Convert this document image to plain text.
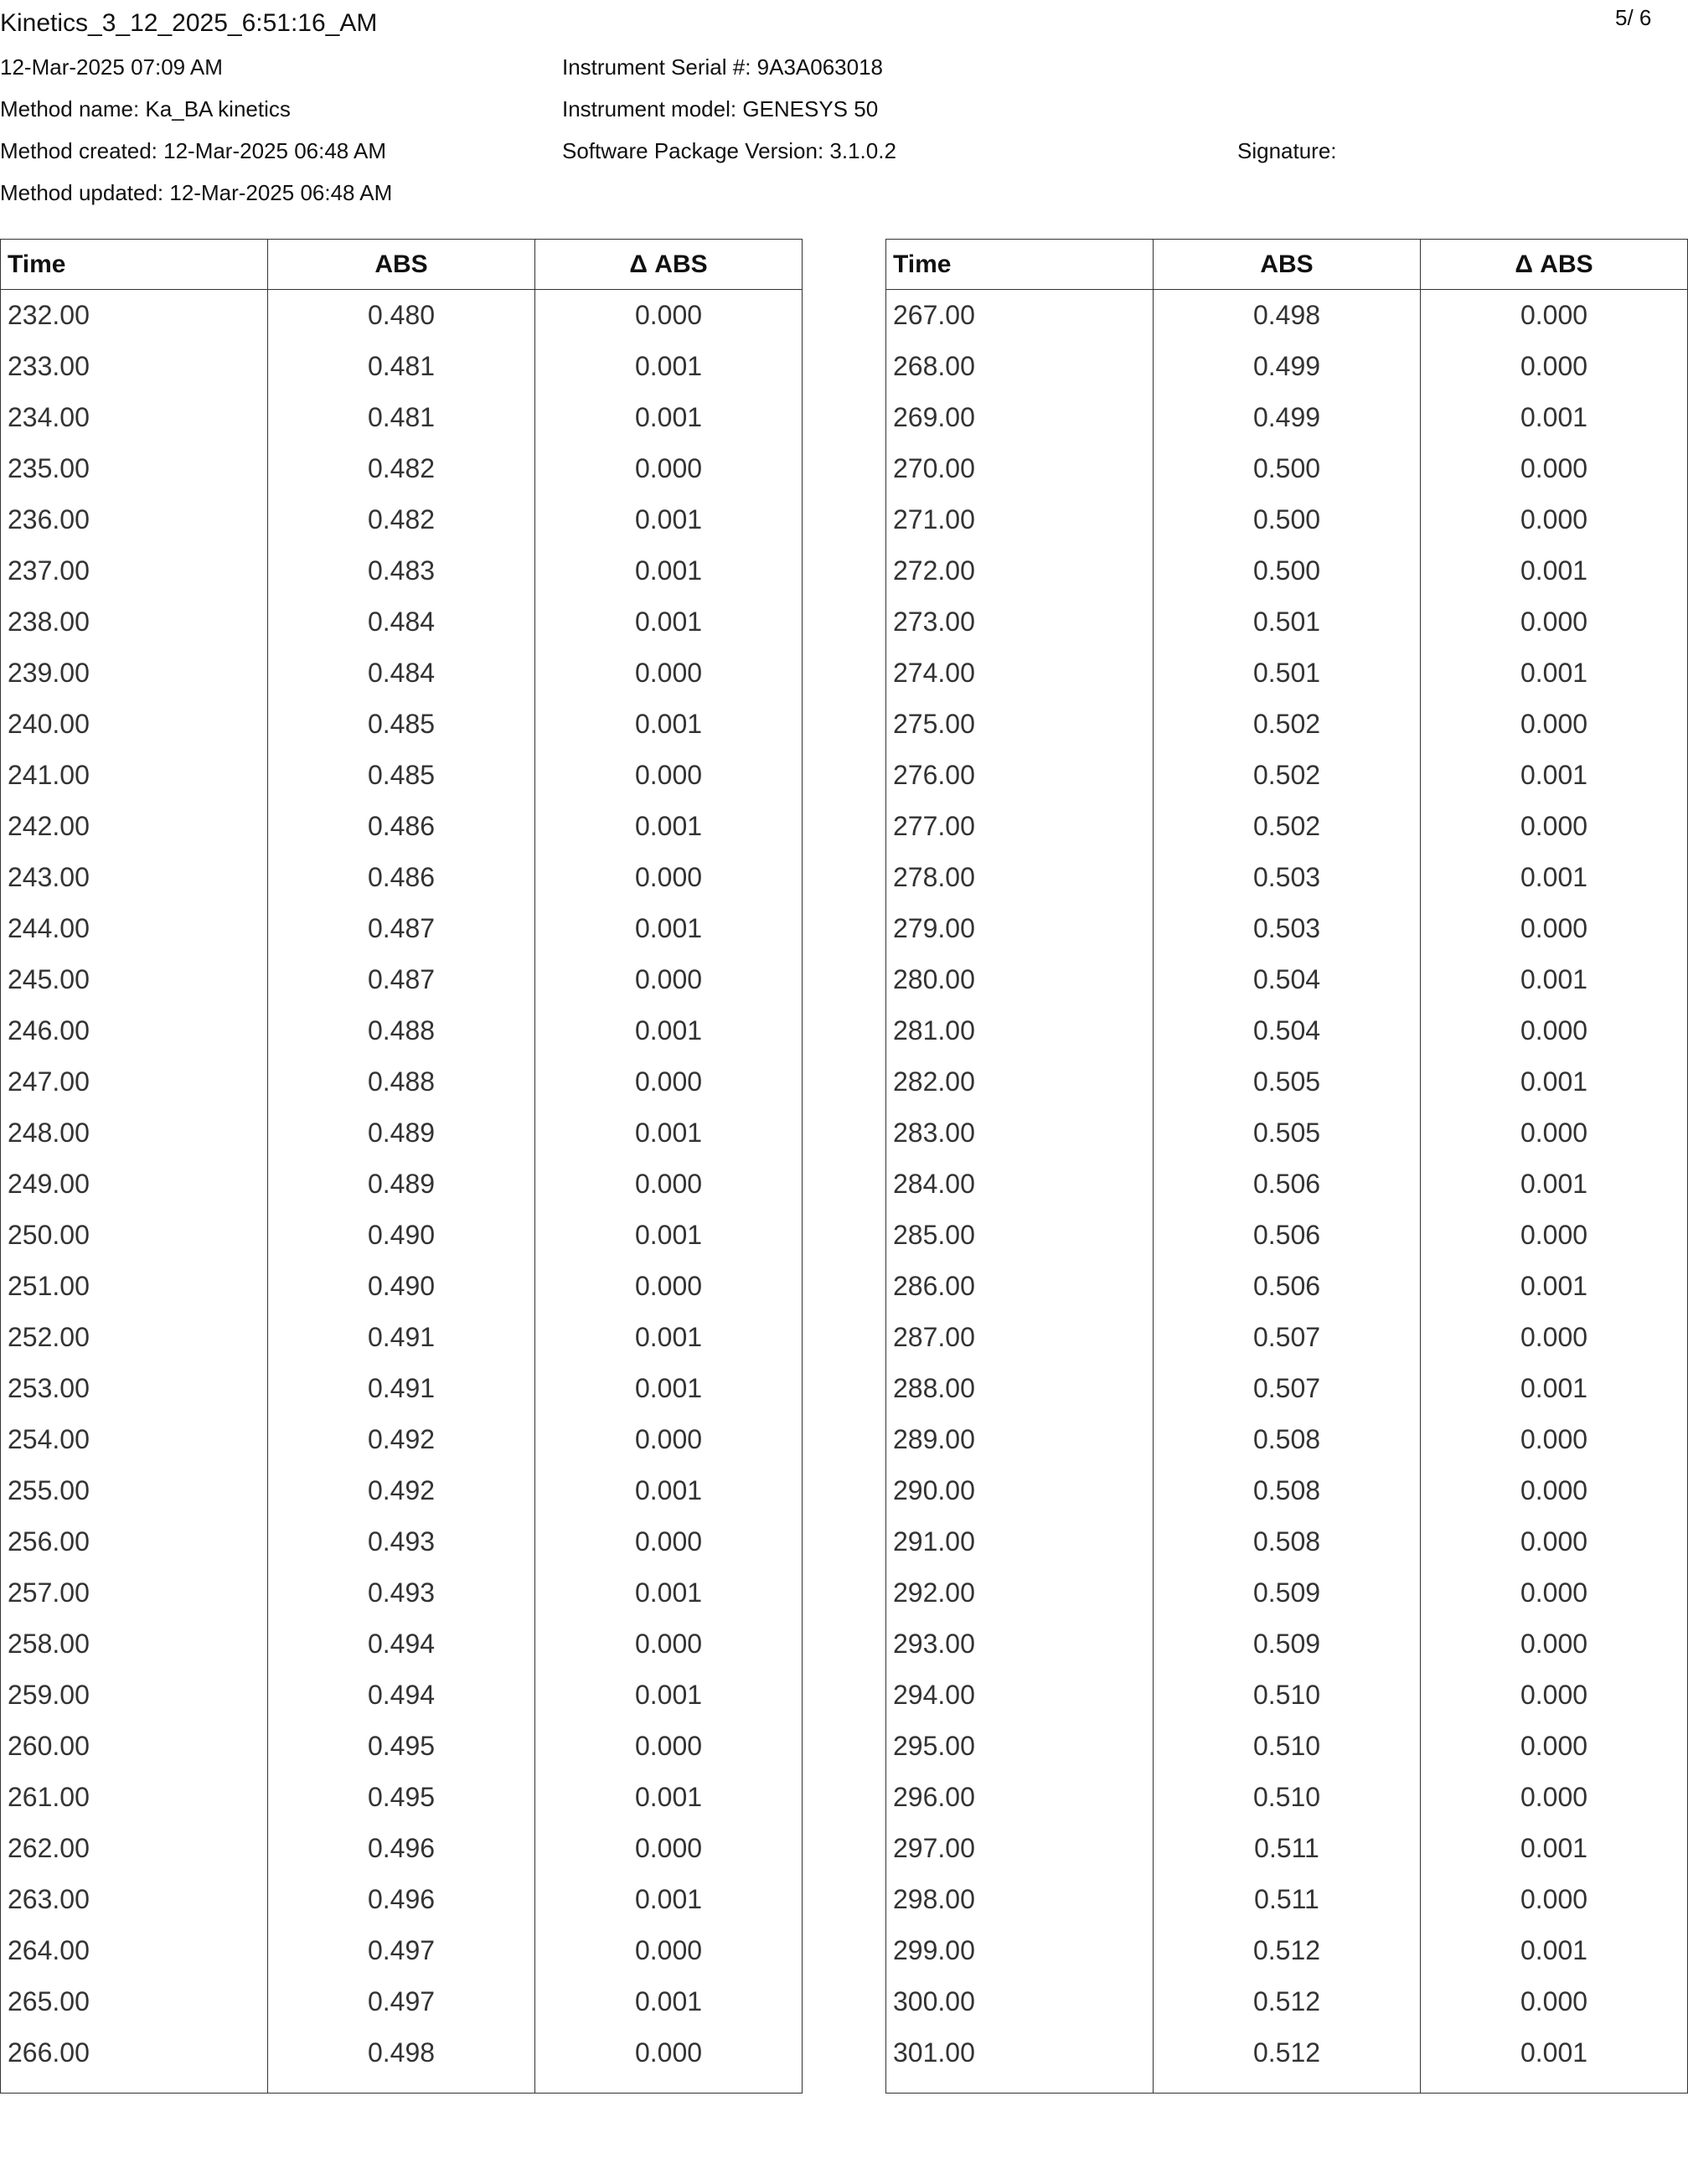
Kinetics_3_12_2025_6:51:16_AM	5/ 6
12-Mar-2025 07:09 AM
Method name: Ka_BA kinetics
Method created: 12-Mar-2025 06:48 AM
Method updated: 12-Mar-2025 06:48 AM
Instrument Serial #: 9A3A063018
Instrument model: GENESYS 50
Software Package Version: 3.1.0.2	Signature:
Time	ABS	Δ ABS
232.00	0.480	0.000
233.00	0.481	0.001
234.00	0.481	0.001
235.00	0.482	0.000
236.00	0.482	0.001
237.00	0.483	0.001
238.00	0.484	0.001
239.00	0.484	0.000
240.00	0.485	0.001
241.00	0.485	0.000
242.00	0.486	0.001
243.00	0.486	0.000
244.00	0.487	0.001
245.00	0.487	0.000
246.00	0.488	0.001
247.00	0.488	0.000
248.00	0.489	0.001
249.00	0.489	0.000
250.00	0.490	0.001
251.00	0.490	0.000
252.00	0.491	0.001
253.00	0.491	0.001
254.00	0.492	0.000
255.00	0.492	0.001
256.00	0.493	0.000
257.00	0.493	0.001
258.00	0.494	0.000
259.00	0.494	0.001
260.00	0.495	0.000
261.00	0.495	0.001
262.00	0.496	0.000
263.00	0.496	0.001
264.00	0.497	0.000
265.00	0.497	0.001
266.00	0.498	0.000
Time	ABS	Δ ABS
267.00	0.498	0.000
268.00	0.499	0.000
269.00	0.499	0.001
270.00	0.500	0.000
271.00	0.500	0.000
272.00	0.500	0.001
273.00	0.501	0.000
274.00	0.501	0.001
275.00	0.502	0.000
276.00	0.502	0.001
277.00	0.502	0.000
278.00	0.503	0.001
279.00	0.503	0.000
280.00	0.504	0.001
281.00	0.504	0.000
282.00	0.505	0.001
283.00	0.505	0.000
284.00	0.506	0.001
285.00	0.506	0.000
286.00	0.506	0.001
287.00	0.507	0.000
288.00	0.507	0.001
289.00	0.508	0.000
290.00	0.508	0.000
291.00	0.508	0.000
292.00	0.509	0.000
293.00	0.509	0.000
294.00	0.510	0.000
295.00	0.510	0.000
296.00	0.510	0.000
297.00	0.511	0.001
298.00	0.511	0.000
299.00	0.512	0.001
300.00	0.512	0.000
301.00	0.512	0.001
